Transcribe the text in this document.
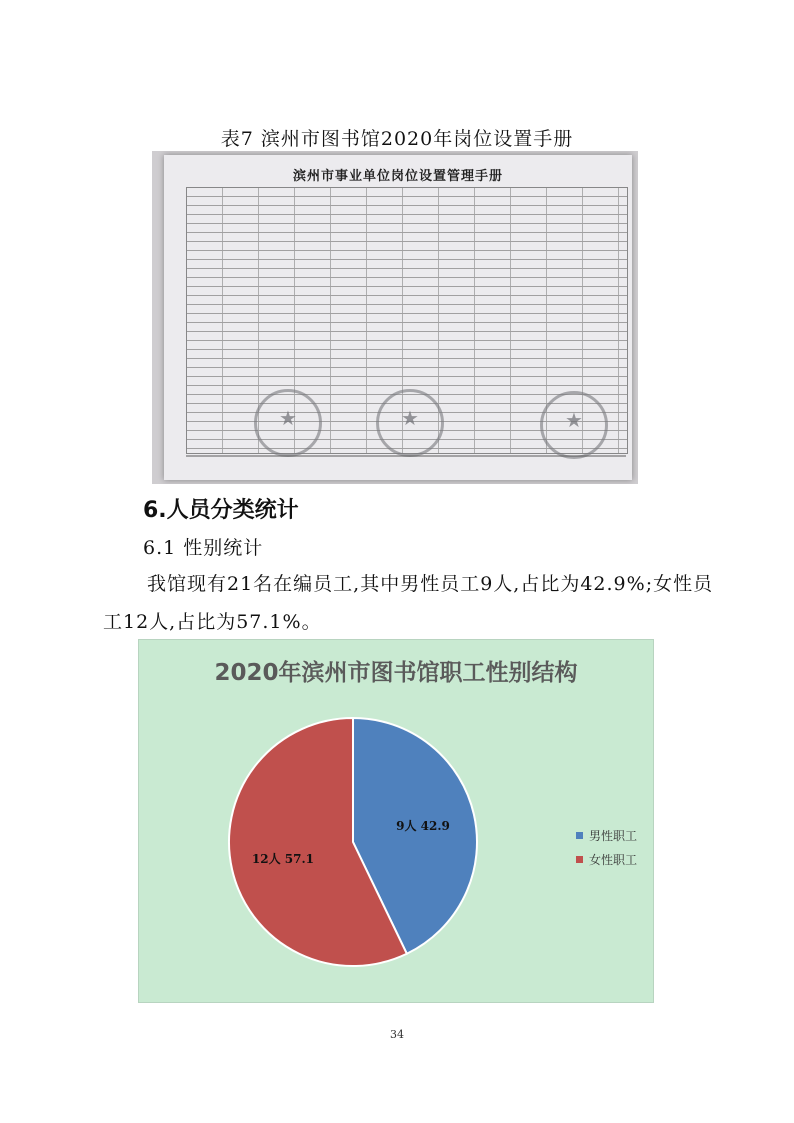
表7 滨州市图书馆2020年岗位设置手册
滨州市事业单位岗位设置管理手册
★
★
★
6.人员分类统计
6.1 性别统计
我馆现有21名在编员工,其中男性员工9人,占比为42.9%;女性员工12人,占比为57.1%。
2020年滨州市图书馆职工性别结构
9人 42.9
12人 57.1
男性职工
女性职工
34
